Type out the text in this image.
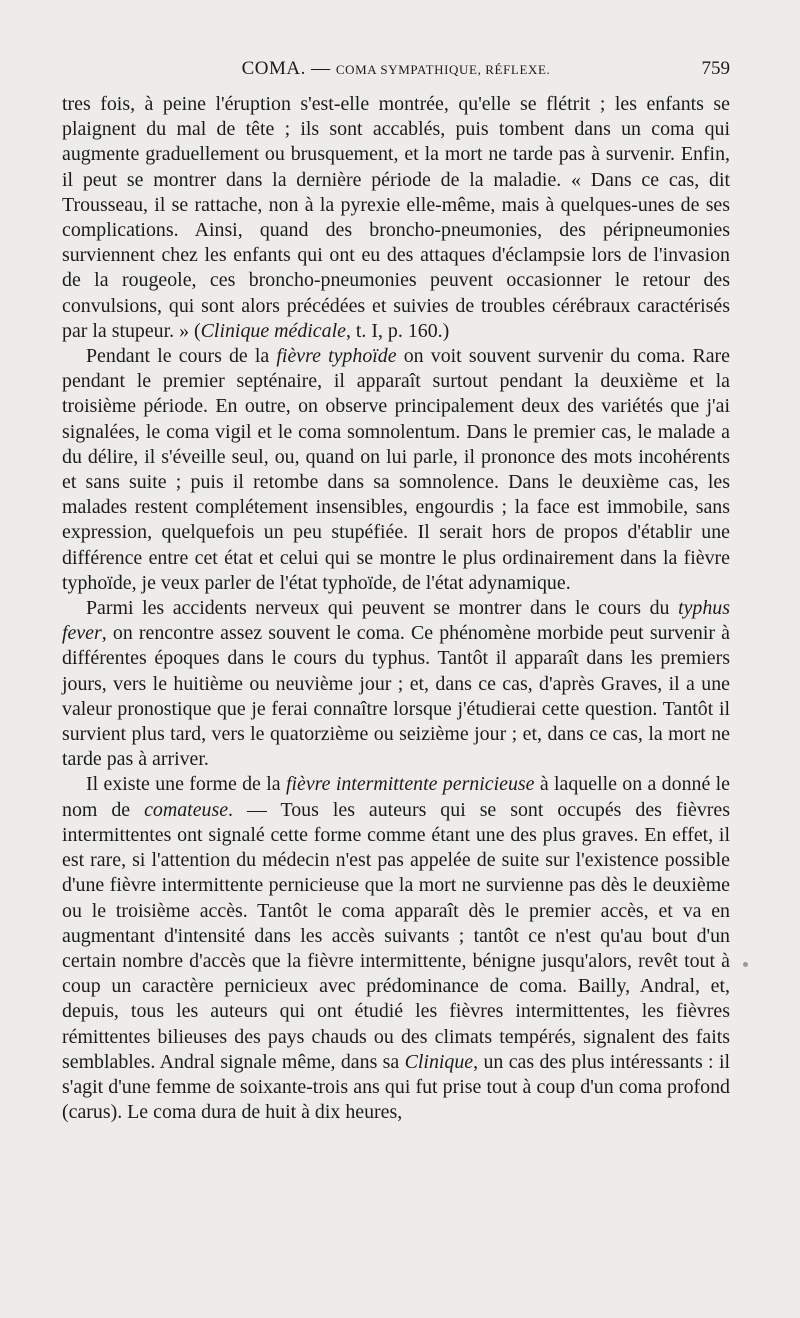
COMA. — COMA SYMPATHIQUE, RÉFLEXE.	759

tres fois, à peine l'éruption s'est-elle montrée, qu'elle se flétrit ; les enfants se plaignent du mal de tête ; ils sont accablés, puis tombent dans un coma qui augmente graduellement ou brusquement, et la mort ne tarde pas à survenir. Enfin, il peut se montrer dans la dernière période de la maladie. « Dans ce cas, dit Trousseau, il se rattache, non à la pyrexie elle-même, mais à quelques-unes de ses complications. Ainsi, quand des broncho-pneumonies, des péripneumonies surviennent chez les enfants qui ont eu des attaques d'éclampsie lors de l'invasion de la rougeole, ces broncho-pneumonies peuvent occasionner le retour des convulsions, qui sont alors précédées et suivies de troubles cérébraux caractérisés par la stupeur. » (Clinique médicale, t. I, p. 160.)

Pendant le cours de la fièvre typhoïde on voit souvent survenir du coma. Rare pendant le premier septénaire, il apparaît surtout pendant la deuxième et la troisième période. En outre, on observe principalement deux des variétés que j'ai signalées, le coma vigil et le coma somnolentum. Dans le premier cas, le malade a du délire, il s'éveille seul, ou, quand on lui parle, il prononce des mots incohérents et sans suite ; puis il retombe dans sa somnolence. Dans le deuxième cas, les malades restent complétement insensibles, engourdis ; la face est immobile, sans expression, quelquefois un peu stupéfiée. Il serait hors de propos d'établir une différence entre cet état et celui qui se montre le plus ordinairement dans la fièvre typhoïde, je veux parler de l'état typhoïde, de l'état adynamique.

Parmi les accidents nerveux qui peuvent se montrer dans le cours du typhus fever, on rencontre assez souvent le coma. Ce phénomène morbide peut survenir à différentes époques dans le cours du typhus. Tantôt il apparaît dans les premiers jours, vers le huitième ou neuvième jour ; et, dans ce cas, d'après Graves, il a une valeur pronostique que je ferai connaître lorsque j'étudierai cette question. Tantôt il survient plus tard, vers le quatorzième ou seizième jour ; et, dans ce cas, la mort ne tarde pas à arriver.

Il existe une forme de la fièvre intermittente pernicieuse à laquelle on a donné le nom de comateuse. — Tous les auteurs qui se sont occupés des fièvres intermittentes ont signalé cette forme comme étant une des plus graves. En effet, il est rare, si l'attention du médecin n'est pas appelée de suite sur l'existence possible d'une fièvre intermittente pernicieuse que la mort ne survienne pas dès le deuxième ou le troisième accès. Tantôt le coma apparaît dès le premier accès, et va en augmentant d'intensité dans les accès suivants ; tantôt ce n'est qu'au bout d'un certain nombre d'accès que la fièvre intermittente, bénigne jusqu'alors, revêt tout à coup un caractère pernicieux avec prédominance de coma. Bailly, Andral, et, depuis, tous les auteurs qui ont étudié les fièvres intermittentes, les fièvres rémittentes bilieuses des pays chauds ou des climats tempérés, signalent des faits semblables. Andral signale même, dans sa Clinique, un cas des plus intéressants : il s'agit d'une femme de soixante-trois ans qui fut prise tout à coup d'un coma profond (carus). Le coma dura de huit à dix heures,
